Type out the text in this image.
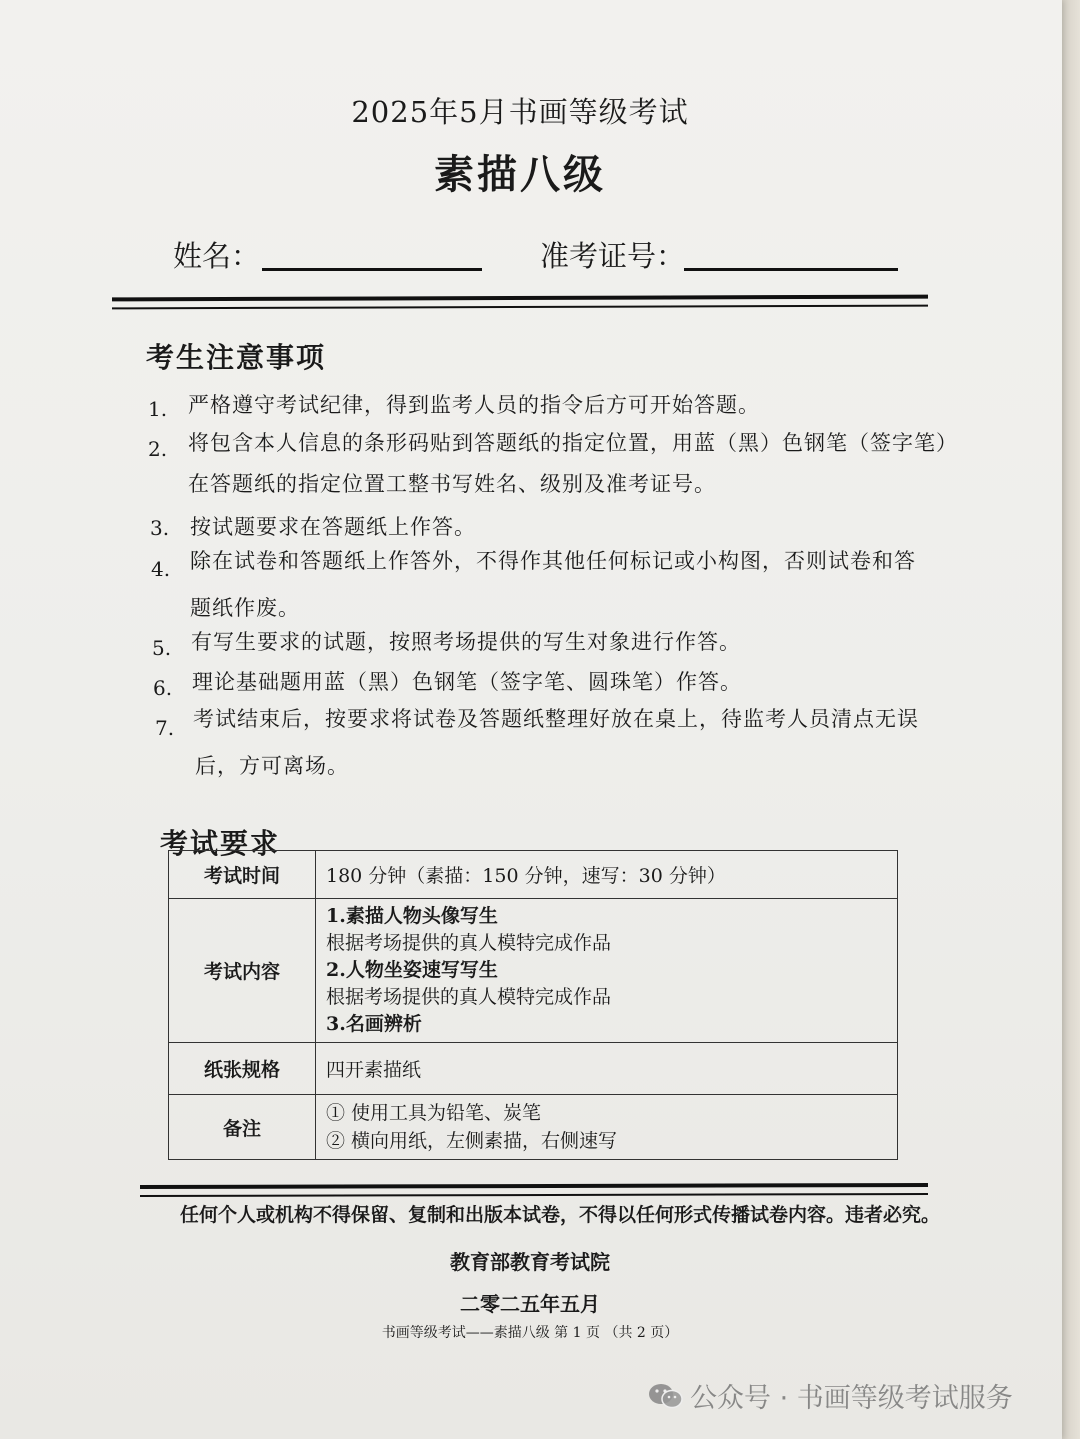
2025年5月书画等级考试
素描八级
姓名：	准考证号：
考生注意事项
1. 严格遵守考试纪律，得到监考人员的指令后方可开始答题。
2. 将包含本人信息的条形码贴到答题纸的指定位置，用蓝（黑）色钢笔（签字笔）
在答题纸的指定位置工整书写姓名、级别及准考证号。
3. 按试题要求在答题纸上作答。
4. 除在试卷和答题纸上作答外，不得作其他任何标记或小构图，否则试卷和答
题纸作废。
5. 有写生要求的试题，按照考场提供的写生对象进行作答。
6. 理论基础题用蓝（黑）色钢笔（签字笔、圆珠笔）作答。
7. 考试结束后，按要求将试卷及答题纸整理好放在桌上，待监考人员清点无误
后，方可离场。
考试要求
考试时间	180 分钟（素描：150 分钟，速写：30 分钟）
考试内容	1.素描人物头像写生
根据考场提供的真人模特完成作品
2.人物坐姿速写写生
根据考场提供的真人模特完成作品
3.名画辨析

纸张规格	四开素描纸
备注	① 使用工具为铅笔、炭笔
② 横向用纸，左侧素描，右侧速写
任何个人或机构不得保留、复制和出版本试卷，不得以任何形式传播试卷内容。违者必究。
教育部教育考试院
二零二五年五月
书画等级考试——素描八级 第 1 页 （共 2 页）
公众号 · 书画等级考试服务
